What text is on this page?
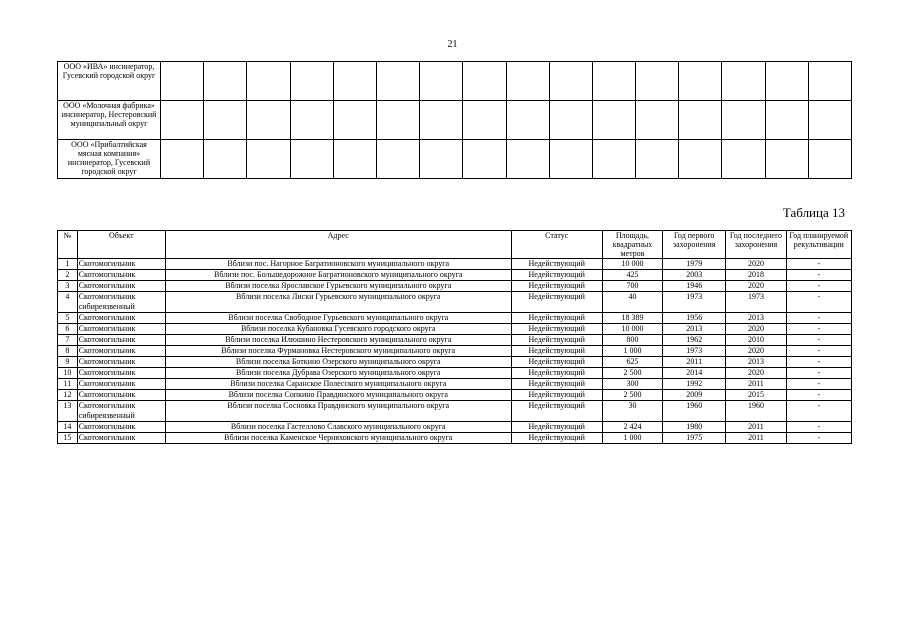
21
ООО «ИВА» инсинератор, Гусевский городской округ																
ООО «Молочная фабрика» инсинератор, Нестеровский муниципальный округ																
ООО «Прибалтийская мясная компания» инсинератор, Гусевский городской округ																
Таблица 13
№	Объект	Адрес	Статус	Площадь, квадратных метров	Год первого захоронения	Год последнего захоронения	Год планируемой рекультивации
1	Скотомогильник	Вблизи пос. Нагорное Багратионовского муниципального округа	Недействующий	10 000	1979	2020	-
2	Скотомогильник	Вблизи пос. Большедорожное Багратионовского муниципального округа	Недействующий	425	2003	2018	-
3	Скотомогильник	Вблизи поселка Ярославское Гурьевского муниципального округа	Недействующий	700	1946	2020	-
4	Скотомогильник сибиреязвенный	Вблизи поселка Лиски Гурьевского муниципального округа	Недействующий	40	1973	1973	-
5	Скотомогильник	Вблизи поселка Свободное Гурьевского муниципального округа	Недействующий	18 389	1956	2013	-
6	Скотомогильник	Вблизи поселка Кубановка Гусевского городского округа	Недействующий	10 000	2013	2020	-
7	Скотомогильник	Вблизи поселка Илюшино Нестеровского муниципального округа	Недействующий	800	1962	2010	-
8	Скотомогильник	Вблизи поселка Фурмановка Нестеровского муниципального округа	Недействующий	1 000	1973	2020	-
9	Скотомогильник	Вблизи поселка Боткино Озерского муниципального округа	Недействующий	625	2011	2013	-
10	Скотомогильник	Вблизи поселка Дубрава Озерского муниципального округа	Недействующий	2 500	2014	2020	-
11	Скотомогильник	Вблизи поселка Саранское Полесского муниципального округа	Недействующий	300	1992	2011	-
12	Скотомогильник	Вблизи поселка Сопкино Правдинского муниципального округа	Недействующий	2 500	2009	2015	-
13	Скотомогильник сибиреязвенный	Вблизи поселка Сосновка Правдинского муниципального округа	Недействующий	30	1960	1960	-
14	Скотомогильник	Вблизи поселка Гастеллово Славского муниципального округа	Недействующий	2 424	1980	2011	-
15	Скотомогильник	Вблизи поселка Каменское Черняховского муниципального округа	Недействующий	1 000	1975	2011	-
